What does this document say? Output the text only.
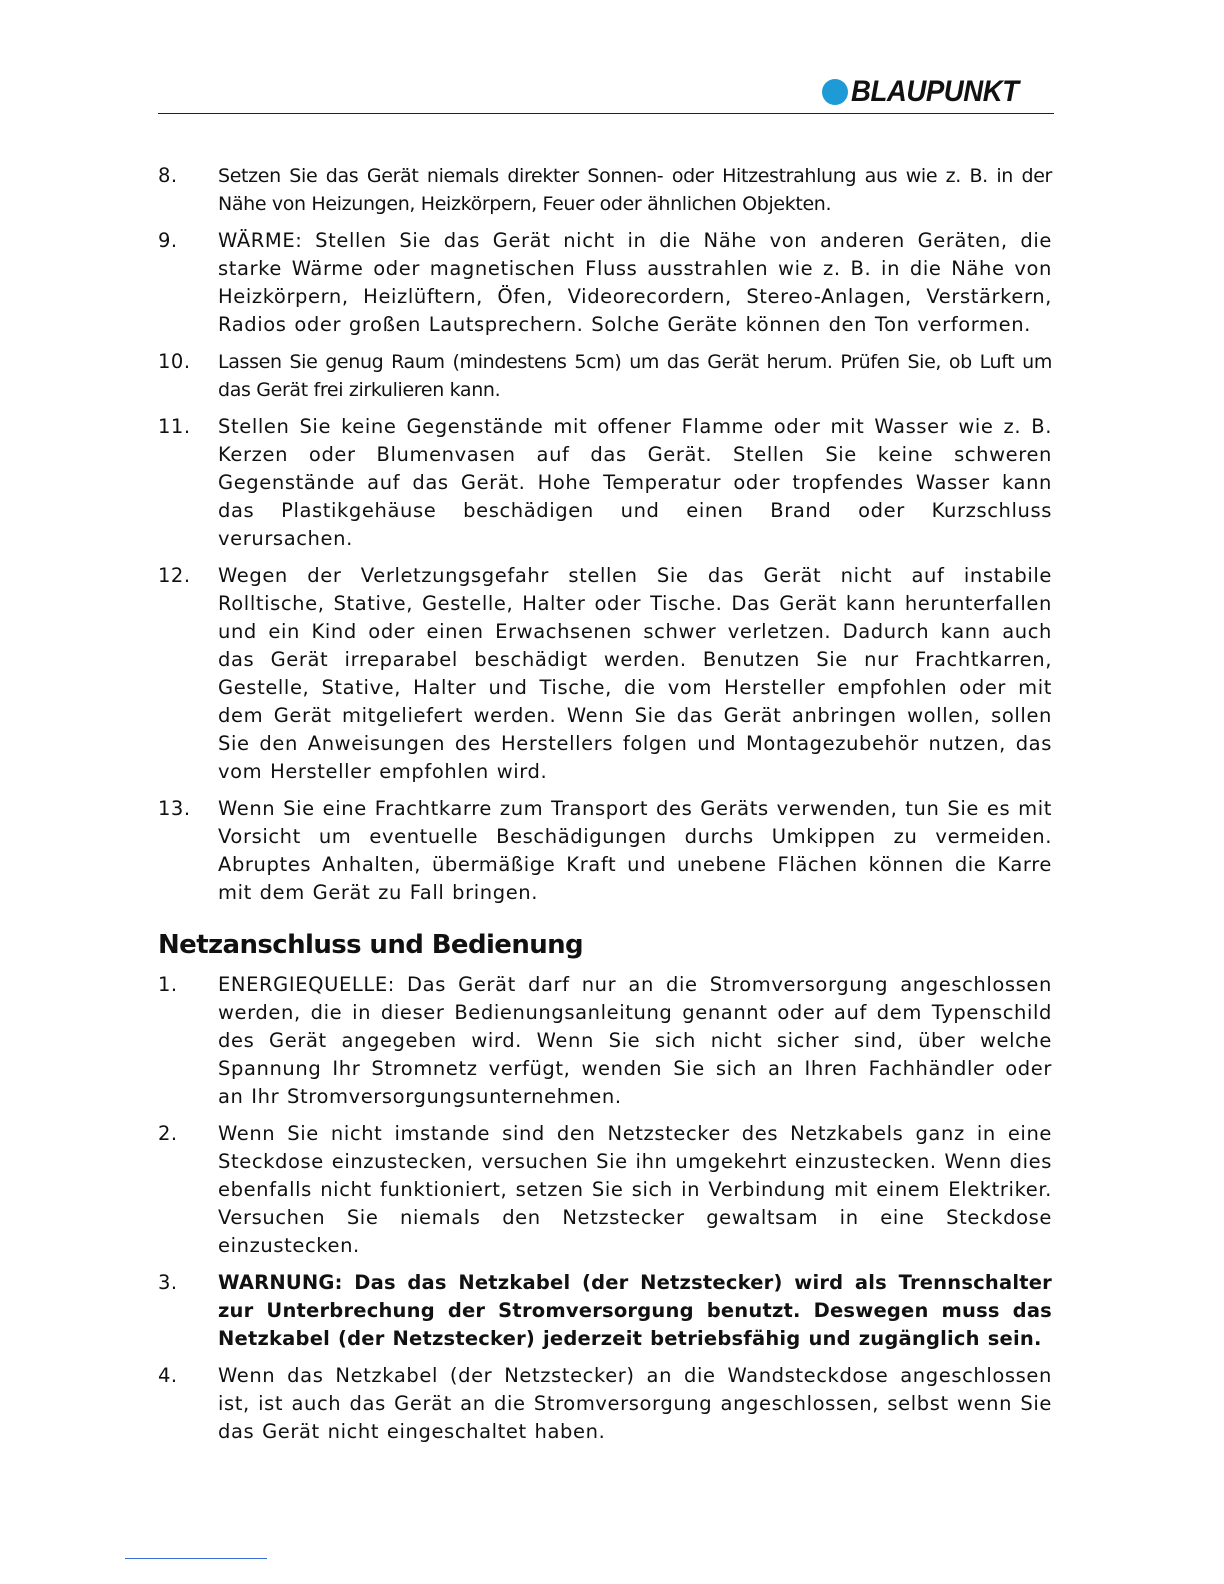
BLAUPUNKT
8.	Setzen Sie das Gerät niemals direkter Sonnen- oder Hitzestrahlung aus wie z. B. in der Nähe von Heizungen, Heizkörpern, Feuer oder ähnlichen Objekten.
9.	WÄRME: Stellen Sie das Gerät nicht in die Nähe von anderen Geräten, die starke Wärme oder magnetischen Fluss ausstrahlen wie z. B. in die Nähe von Heizkörpern, Heizlüftern, Öfen, Videorecordern, Stereo-Anlagen, Verstärkern, Radios oder großen Lautsprechern. Solche Geräte können den Ton verformen.
10.	Lassen Sie genug Raum (mindestens 5cm) um das Gerät herum. Prüfen Sie, ob Luft um das Gerät frei zirkulieren kann.
11.	Stellen Sie keine Gegenstände mit offener Flamme oder mit Wasser wie z. B. Kerzen oder Blumenvasen auf das Gerät. Stellen Sie keine schweren Gegenstände auf das Gerät. Hohe Temperatur oder tropfendes Wasser kann das Plastikgehäuse beschädigen und einen Brand oder Kurzschluss verursachen.
12.	Wegen der Verletzungsgefahr stellen Sie das Gerät nicht auf instabile Rolltische, Stative, Gestelle, Halter oder Tische. Das Gerät kann herunterfallen und ein Kind oder einen Erwachsenen schwer verletzen. Dadurch kann auch das Gerät irreparabel beschädigt werden. Benutzen Sie nur Frachtkarren, Gestelle, Stative, Halter und Tische, die vom Hersteller empfohlen oder mit dem Gerät mitgeliefert werden. Wenn Sie das Gerät anbringen wollen, sollen Sie den Anweisungen des Herstellers folgen und Montagezubehör nutzen, das vom Hersteller empfohlen wird.
13.	Wenn Sie eine Frachtkarre zum Transport des Geräts verwenden, tun Sie es mit Vorsicht um eventuelle Beschädigungen durchs Umkippen zu vermeiden. Abruptes Anhalten, übermäßige Kraft und unebene Flächen können die Karre mit dem Gerät zu Fall bringen.
Netzanschluss und Bedienung
1.	ENERGIEQUELLE: Das Gerät darf nur an die Stromversorgung angeschlossen werden, die in dieser Bedienungsanleitung genannt oder auf dem Typenschild des Gerät angegeben wird. Wenn Sie sich nicht sicher sind, über welche Spannung Ihr Stromnetz verfügt, wenden Sie sich an Ihren Fachhändler oder an Ihr Stromversorgungsunternehmen.
2.	Wenn Sie nicht imstande sind den Netzstecker des Netzkabels ganz in eine Steckdose einzustecken, versuchen Sie ihn umgekehrt einzustecken. Wenn dies ebenfalls nicht funktioniert, setzen Sie sich in Verbindung mit einem Elektriker. Versuchen Sie niemals den Netzstecker gewaltsam in eine Steckdose einzustecken.
3.	WARNUNG: Das das Netzkabel (der Netzstecker) wird als Trennschalter zur Unterbrechung der Stromversorgung benutzt. Deswegen muss das Netzkabel (der Netzstecker) jederzeit betriebsfähig und zugänglich sein.
4.	Wenn das Netzkabel (der Netzstecker) an die Wandsteckdose angeschlossen ist, ist auch das Gerät an die Stromversorgung angeschlossen, selbst wenn Sie das Gerät nicht eingeschaltet haben.
